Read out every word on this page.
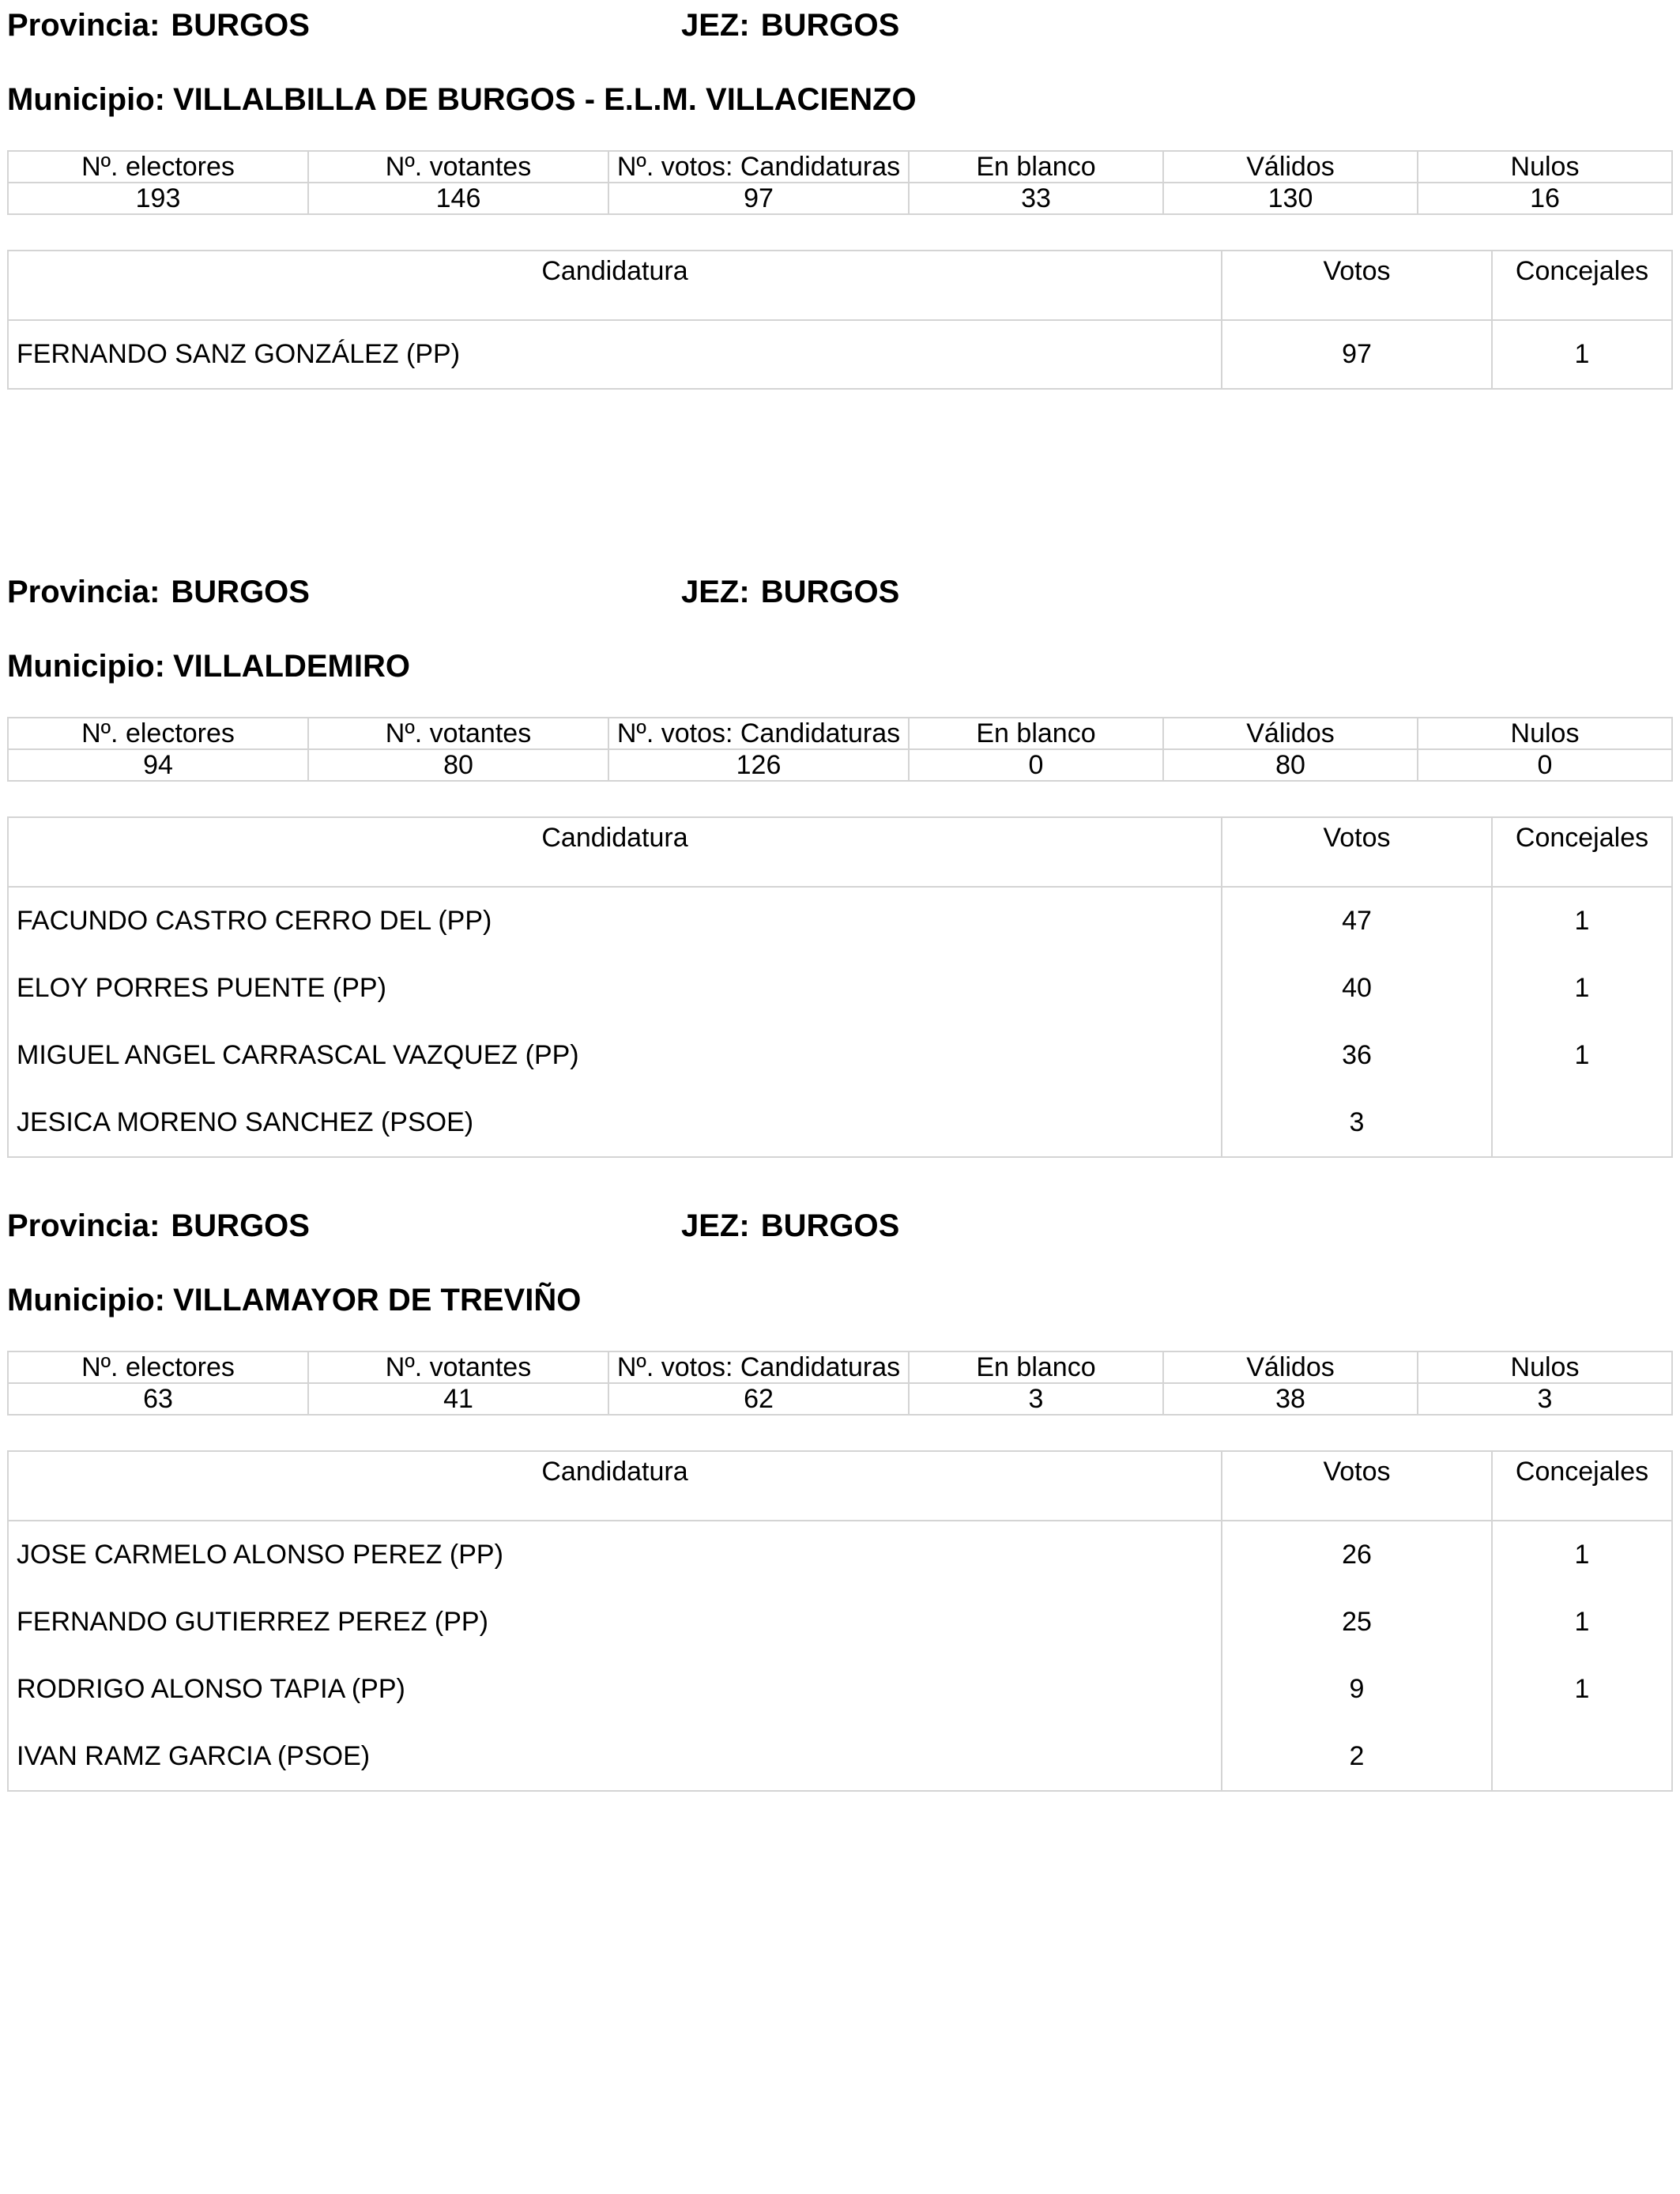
Provincia: BURGOS	JEZ: BURGOS
Municipio: VILLALBILLA DE BURGOS - E.L.M. VILLACIENZO
Nº. electores	Nº. votantes	Nº. votos: Candidaturas	En blanco	Válidos	Nulos
193	146	97	33	130	16
Candidatura	Votos	Concejales
FERNANDO SANZ GONZÁLEZ (PP)	97	1
Provincia: BURGOS	JEZ: BURGOS
Municipio: VILLALDEMIRO
Nº. electores	Nº. votantes	Nº. votos: Candidaturas	En blanco	Válidos	Nulos
94	80	126	0	80	0
Candidatura	Votos	Concejales
FACUNDO CASTRO CERRO DEL (PP)	47	1
ELOY PORRES PUENTE (PP)	40	1
MIGUEL ANGEL CARRASCAL VAZQUEZ (PP)	36	1
JESICA MORENO SANCHEZ (PSOE)	3	
Provincia: BURGOS	JEZ: BURGOS
Municipio: VILLAMAYOR DE TREVIÑO
Nº. electores	Nº. votantes	Nº. votos: Candidaturas	En blanco	Válidos	Nulos
63	41	62	3	38	3
Candidatura	Votos	Concejales
JOSE CARMELO ALONSO PEREZ (PP)	26	1
FERNANDO GUTIERREZ PEREZ (PP)	25	1
RODRIGO ALONSO TAPIA (PP)	9	1
IVAN RAMZ GARCIA (PSOE)	2	
